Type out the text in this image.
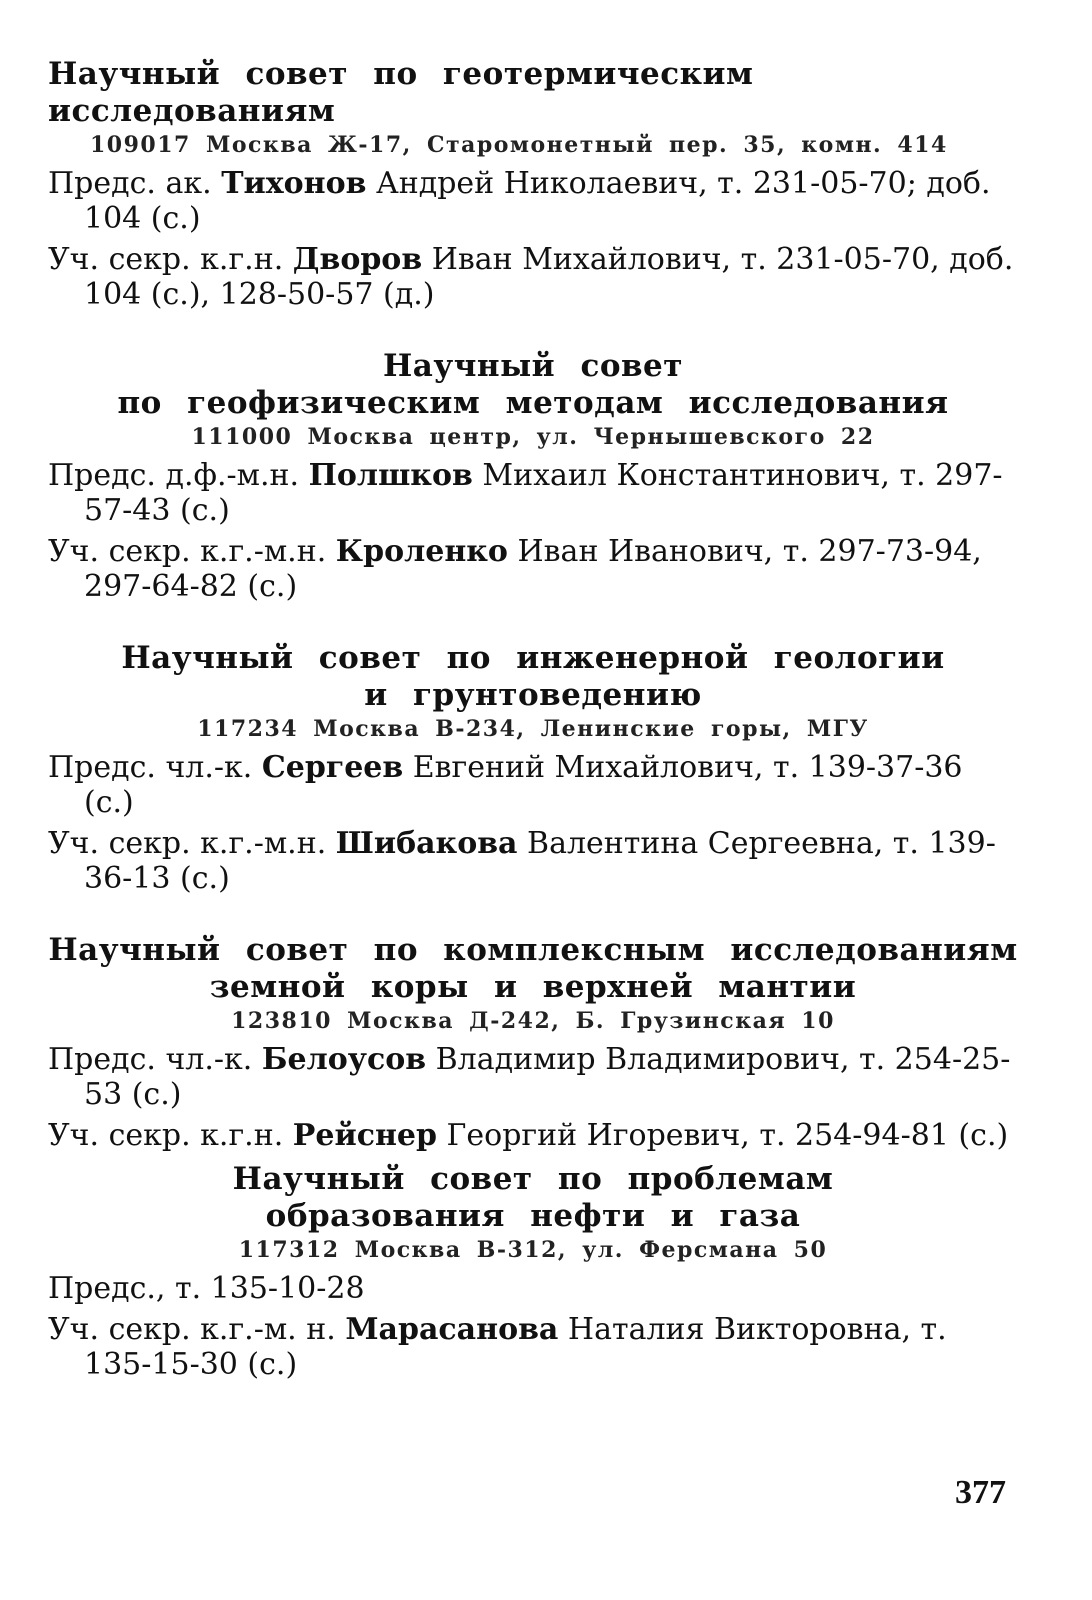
Научный совет по геотермическим исследованиям
109017 Москва Ж-17, Старомонетный пер. 35, комн. 414
Предс. ак. Тихонов Андрей Николаевич, т. 231-05-70; доб. 104 (с.)
Уч. секр. к.г.н. Дворов Иван Михайлович, т. 231-05-70, доб. 104 (с.), 128-50-57 (д.)
Научный совет
по геофизическим методам исследования
111000 Москва центр, ул. Чернышевского 22
Предс. д.ф.-м.н. Полшков Михаил Константинович, т. 297-57-43 (с.)
Уч. секр. к.г.-м.н. Кроленко Иван Иванович, т. 297-73-94, 297-64-82 (с.)
Научный совет по инженерной геологии
и грунтоведению
117234 Москва В-234, Ленинские горы, МГУ
Предс. чл.-к. Сергеев Евгений Михайлович, т. 139-37-36 (с.)
Уч. секр. к.г.-м.н. Шибакова Валентина Сергеевна, т. 139-36-13 (с.)
Научный совет по комплексным исследованиям
земной коры и верхней мантии
123810 Москва Д-242, Б. Грузинская 10
Предс. чл.-к. Белоусов Владимир Владимирович, т. 254-25-53 (с.)
Уч. секр. к.г.н. Рейснер Георгий Игоревич, т. 254-94-81 (с.)
Научный совет по проблемам
образования нефти и газа
117312 Москва В-312, ул. Ферсмана 50
Предс., т. 135-10-28
Уч. секр. к.г.-м. н. Марасанова Наталия Викторовна, т. 135-15-30 (с.)
377
